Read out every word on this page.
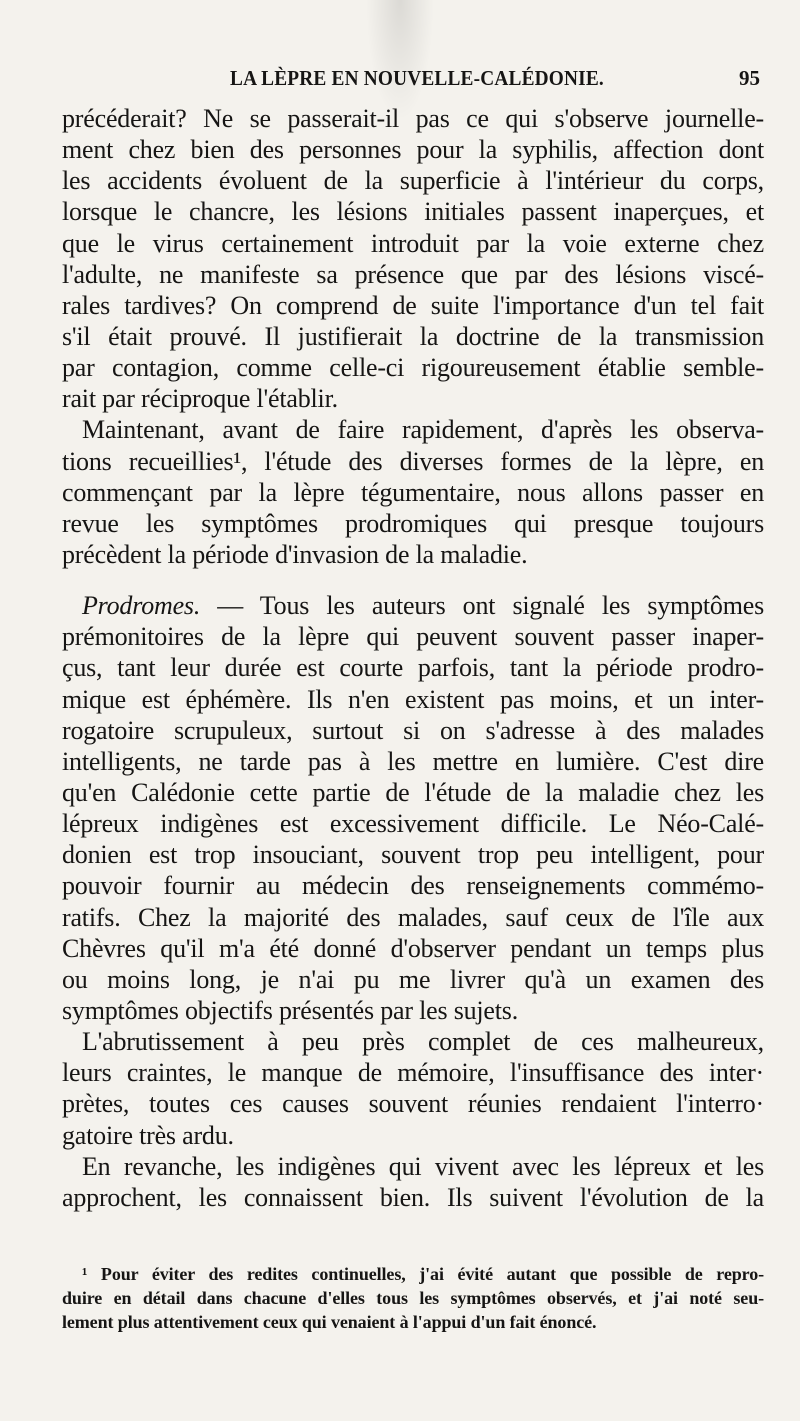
LA LÈPRE EN NOUVELLE-CALÉDONIE.	95
précéderait? Ne se passerait-il pas ce qui s'observe journelle-
ment chez bien des personnes pour la syphilis, affection dont
les accidents évoluent de la superficie à l'intérieur du corps,
lorsque le chancre, les lésions initiales passent inaperçues, et
que le virus certainement introduit par la voie externe chez
l'adulte, ne manifeste sa présence que par des lésions viscé-
rales tardives? On comprend de suite l'importance d'un tel fait
s'il était prouvé. Il justifierait la doctrine de la transmission
par contagion, comme celle-ci rigoureusement établie semble-
rait par réciproque l'établir.
Maintenant, avant de faire rapidement, d'après les observa-
tions recueillies¹, l'étude des diverses formes de la lèpre, en
commençant par la lèpre tégumentaire, nous allons passer en
revue les symptômes prodromiques qui presque toujours
précèdent la période d'invasion de la maladie.
Prodromes. — Tous les auteurs ont signalé les symptômes
prémonitoires de la lèpre qui peuvent souvent passer inaper-
çus, tant leur durée est courte parfois, tant la période prodro-
mique est éphémère. Ils n'en existent pas moins, et un inter-
rogatoire scrupuleux, surtout si on s'adresse à des malades
intelligents, ne tarde pas à les mettre en lumière. C'est dire
qu'en Calédonie cette partie de l'étude de la maladie chez les
lépreux indigènes est excessivement difficile. Le Néo-Calé-
donien est trop insouciant, souvent trop peu intelligent, pour
pouvoir fournir au médecin des renseignements commémo-
ratifs. Chez la majorité des malades, sauf ceux de l'île aux
Chèvres qu'il m'a été donné d'observer pendant un temps plus
ou moins long, je n'ai pu me livrer qu'à un examen des
symptômes objectifs présentés par les sujets.
L'abrutissement à peu près complet de ces malheureux,
leurs craintes, le manque de mémoire, l'insuffisance des inter·
prètes, toutes ces causes souvent réunies rendaient l'interro·
gatoire très ardu.
En revanche, les indigènes qui vivent avec les lépreux et les
approchent, les connaissent bien. Ils suivent l'évolution de la
¹ Pour éviter des redites continuelles, j'ai évité autant que possible de repro-
duire en détail dans chacune d'elles tous les symptômes observés, et j'ai noté seu-
lement plus attentivement ceux qui venaient à l'appui d'un fait énoncé.
